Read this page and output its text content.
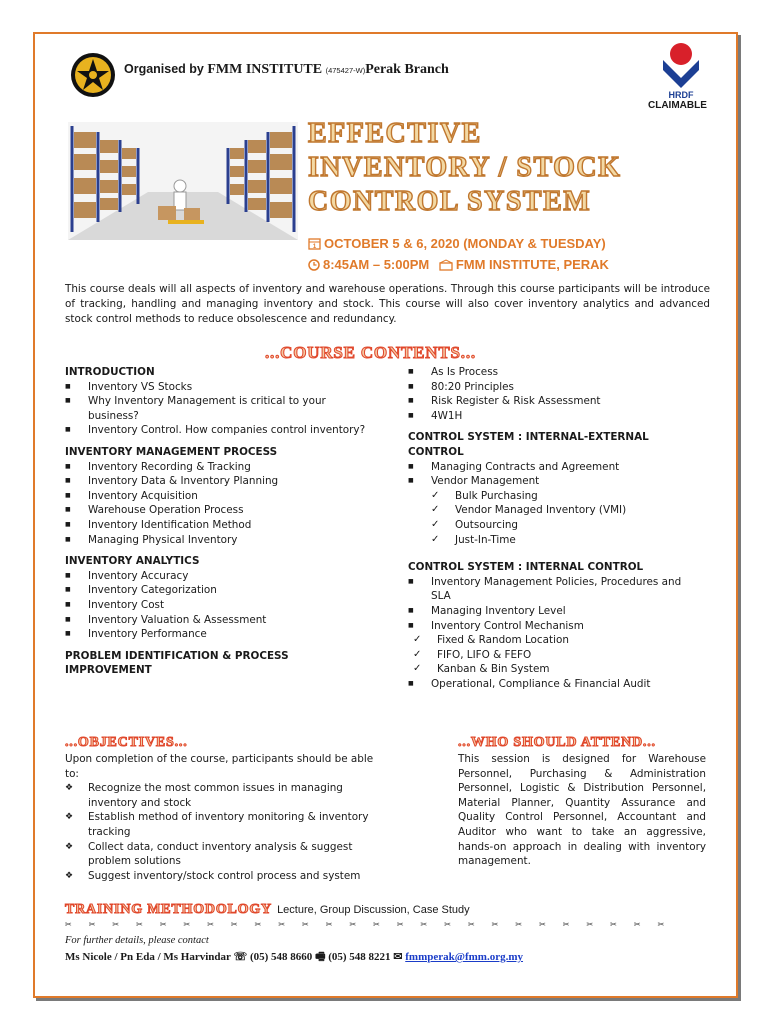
Organised by FMM INSTITUTE (475427-W)Perak Branch
HRDF
CLAIMABLE
EFFECTIVE
INVENTORY / STOCK
CONTROL SYSTEM
1 OCTOBER 5 & 6, 2020 (MONDAY & TUESDAY)
8:45AM – 5:00PM FMM INSTITUTE, PERAK
This course deals will all aspects of inventory and warehouse operations. Through this course participants will be introduce of tracking, handling and managing inventory and stock. This course will also cover inventory analytics and advanced stock control methods to reduce obsolescence and redundancy.
...COURSE CONTENTS...
INTRODUCTION
■ Inventory VS Stocks
■ Why Inventory Management is critical to your business?
■ Inventory Control. How companies control inventory?
INVENTORY MANAGEMENT PROCESS
■ Inventory Recording & Tracking
■ Inventory Data & Inventory Planning
■ Inventory Acquisition
■ Warehouse Operation Process
■ Inventory Identification Method
■ Managing Physical Inventory
INVENTORY ANALYTICS
■ Inventory Accuracy
■ Inventory Categorization
■ Inventory Cost
■ Inventory Valuation & Assessment
■ Inventory Performance
PROBLEM IDENTIFICATION & PROCESS IMPROVEMENT
■ As Is Process
■ 80:20 Principles
■ Risk Register & Risk Assessment
■ 4W1H
CONTROL SYSTEM : INTERNAL-EXTERNAL CONTROL
■ Managing Contracts and Agreement
■ Vendor Management
✓ Bulk Purchasing
✓ Vendor Managed Inventory (VMI)
✓ Outsourcing
✓ Just-In-Time
CONTROL SYSTEM : INTERNAL CONTROL
■ Inventory Management Policies, Procedures and SLA
■ Managing Inventory Level
■ Inventory Control Mechanism
✓ Fixed & Random Location
✓ FIFO, LIFO & FEFO
✓ Kanban & Bin System
■ Operational, Compliance & Financial Audit
...OBJECTIVES...
Upon completion of the course, participants should be able to:
❖ Recognize the most common issues in managing inventory and stock
❖ Establish method of inventory monitoring & inventory tracking
❖ Collect data, conduct inventory analysis & suggest problem solutions
❖ Suggest inventory/stock control process and system
...WHO SHOULD ATTEND...
This session is designed for Warehouse Personnel, Purchasing & Administration Personnel, Logistic & Distribution Personnel, Material Planner, Quantity Assurance and Quality Control Personnel, Accountant and Auditor who want to take an aggressive, hands-on approach in dealing with inventory management.
TRAINING METHODOLOGY Lecture, Group Discussion, Case Study
✂✂✂✂✂✂✂✂✂✂✂✂✂✂✂✂✂✂✂✂✂✂✂✂✂✂
For further details, please contact
Ms Nicole / Pn Eda / Ms Harvindar ☏ (05) 548 8660 🖷 (05) 548 8221 ✉ fmmperak@fmm.org.my
